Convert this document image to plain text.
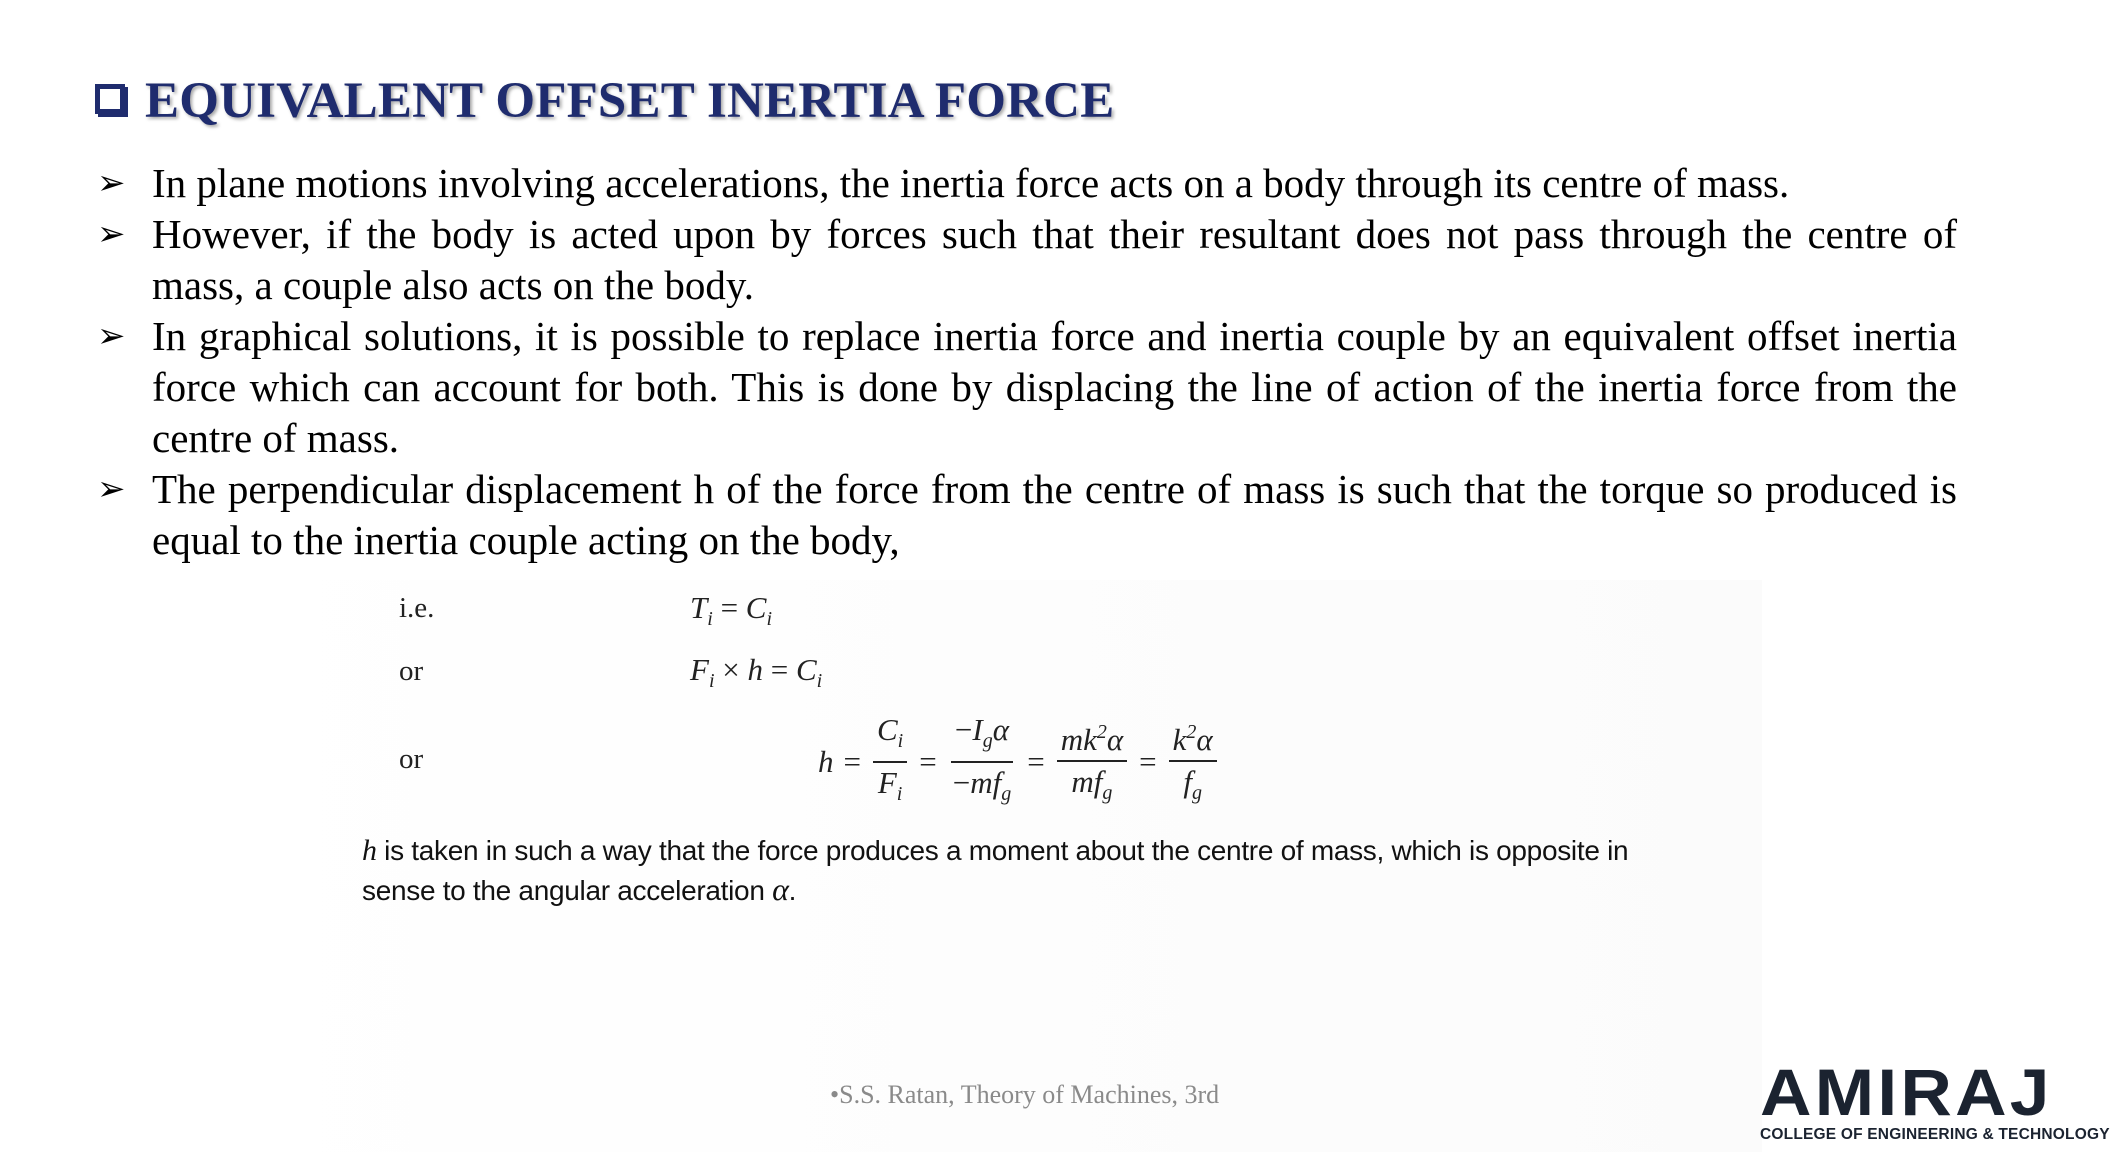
EQUIVALENT OFFSET INERTIA FORCE
➢ In plane motions involving accelerations, the inertia force acts on a body through its centre of mass.
➢ However, if the body is acted upon by forces such that their resultant does not pass through the centre of mass, a couple also acts on the body.
➢ In graphical solutions, it is possible to replace inertia force and inertia couple by an equivalent offset inertia force which can account for both. This is done by displacing the line of action of the inertia force from the centre of mass.
➢ The perpendicular displacement h of the force from the centre of mass is such that the torque so produced is equal to the inertia couple acting on the body,
i.e.	$T_i = C_i$
or	$F_i \times h = C_i$
or	$h = \frac{C_i}{F_i} = \frac{-I_g\alpha}{-mf_g} = \frac{mk^2\alpha}{mf_g} = \frac{k^2\alpha}{f_g}$
h is taken in such a way that the force produces a moment about the centre of mass, which is opposite in sense to the angular acceleration α.
•S.S. Ratan, Theory of Machines, 3rd	AMIRAJ
COLLEGE OF ENGINEERING & TECHNOLOGY
